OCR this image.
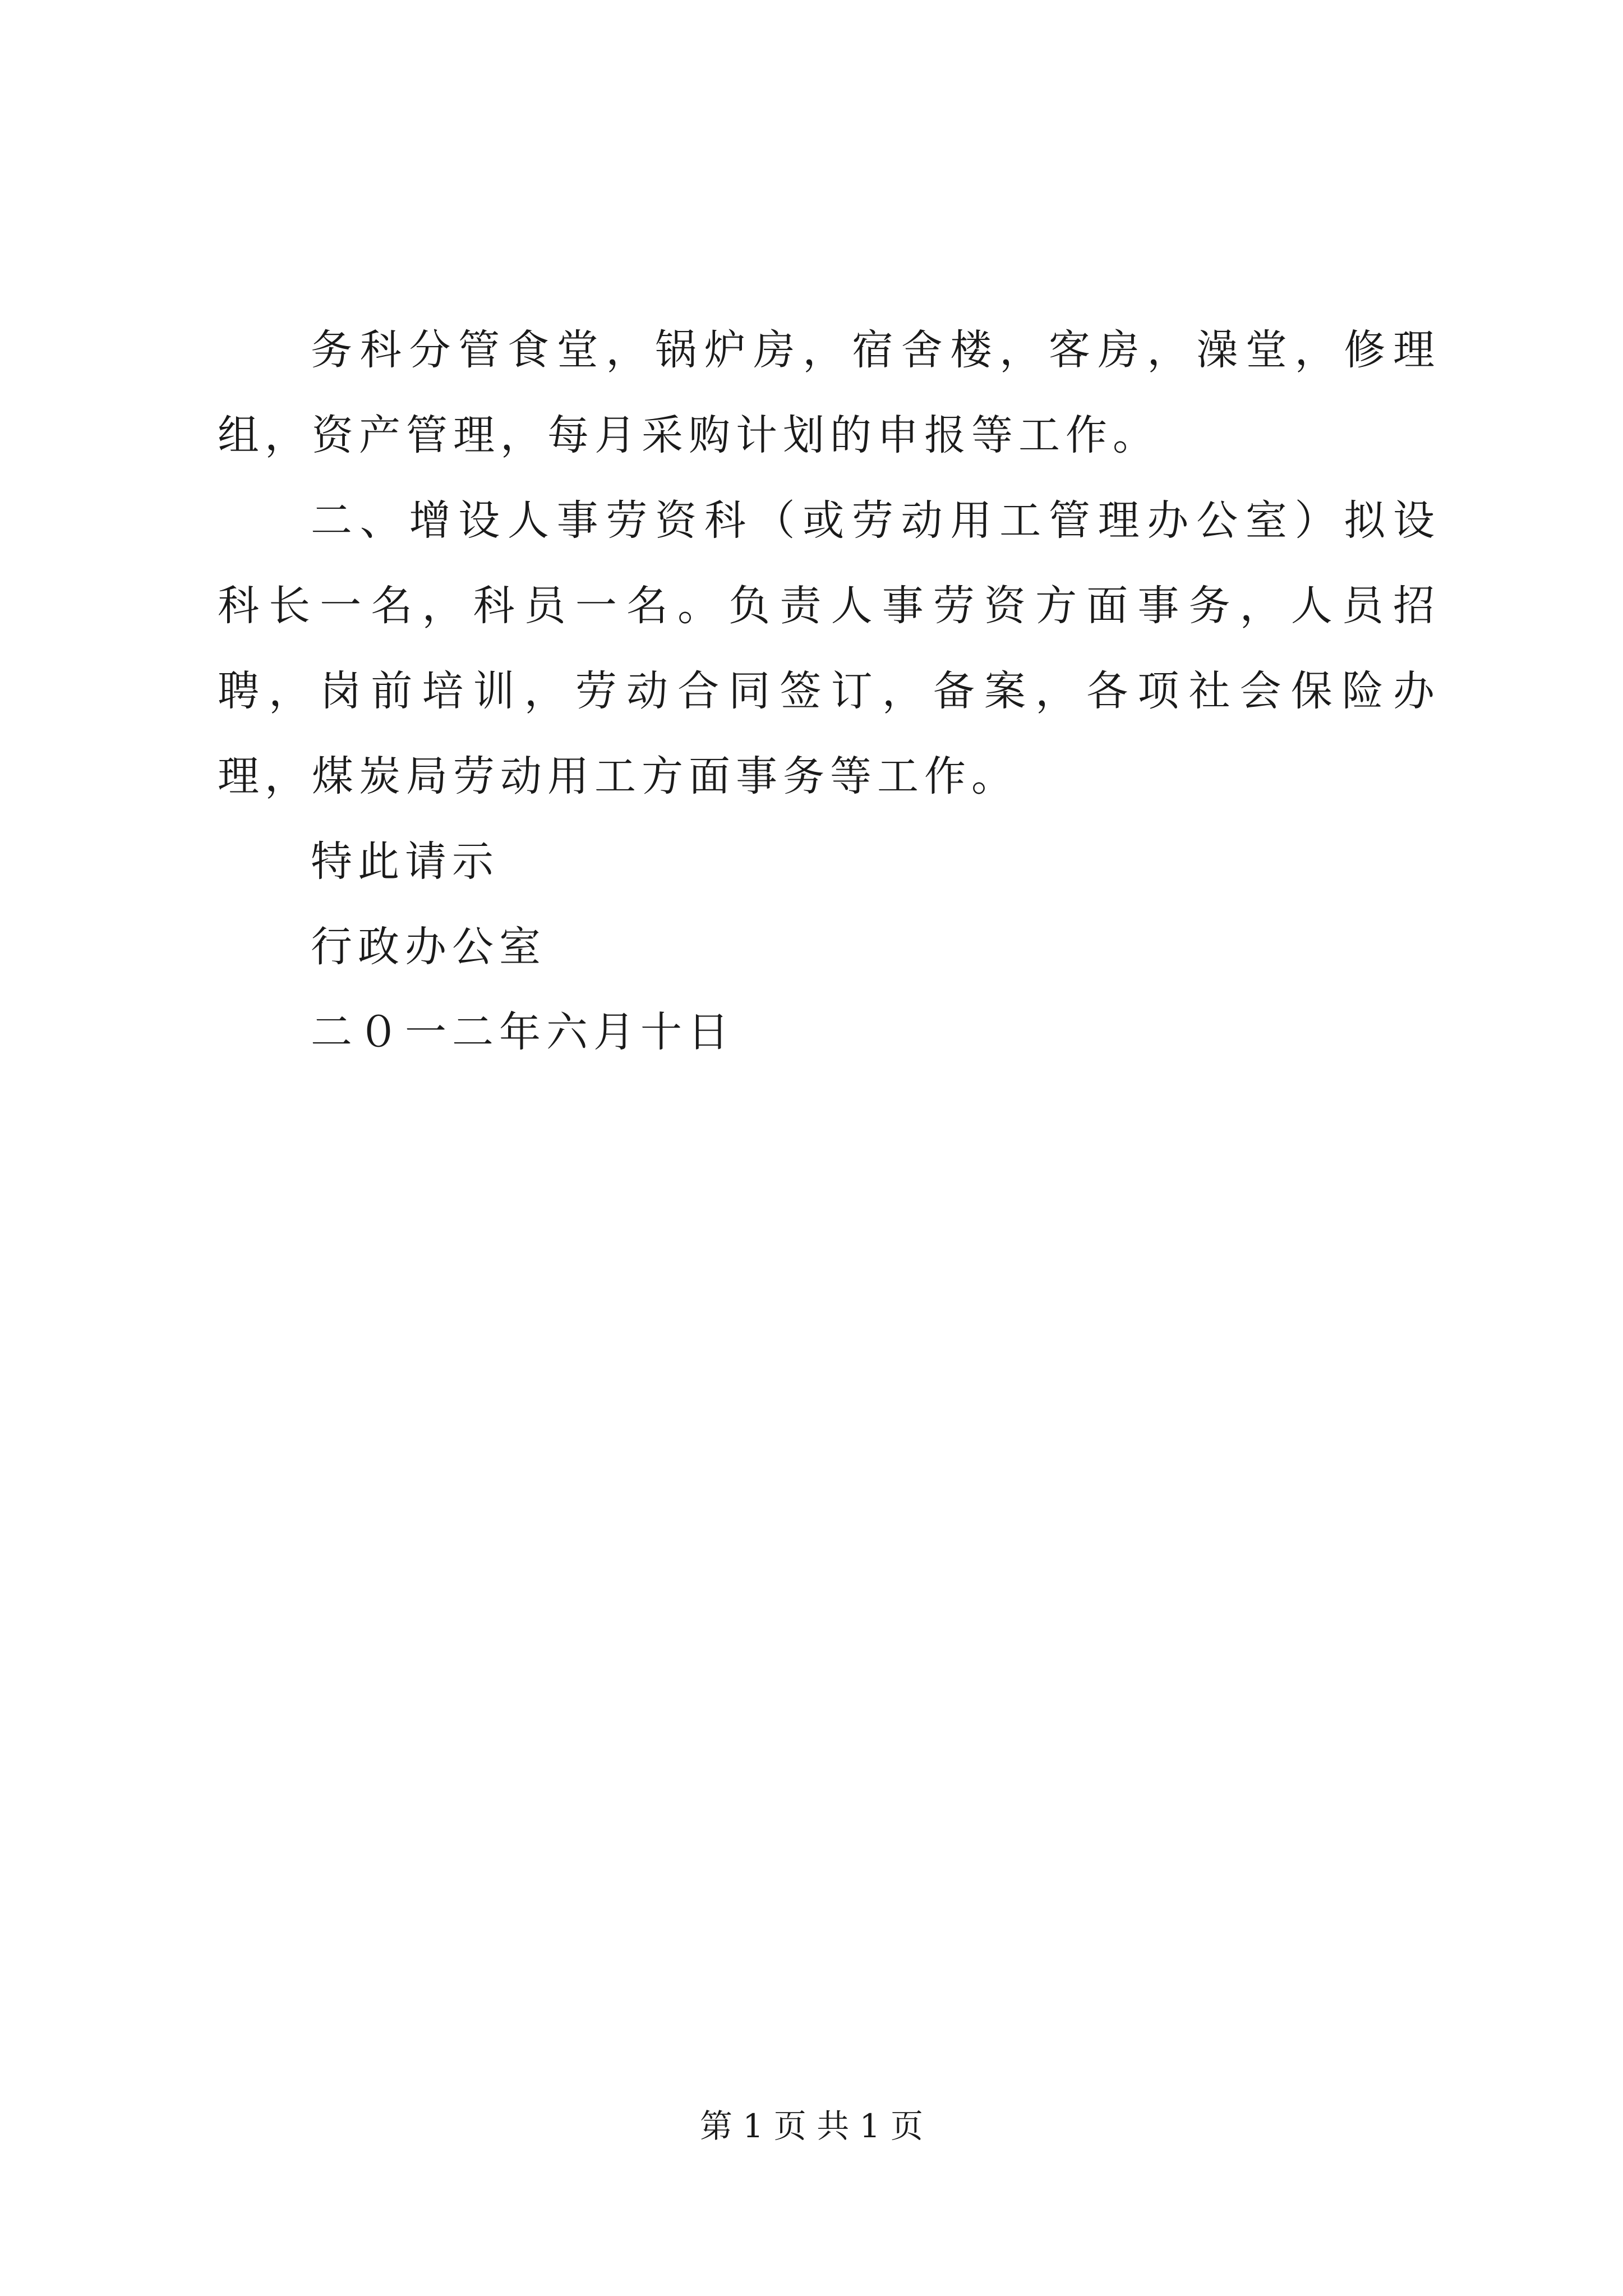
务科分管食堂，锅炉房，宿舍楼，客房，澡堂，修理组，资产管理，每月采购计划的申报等工作。

二、增设人事劳资科（或劳动用工管理办公室）拟设科长一名，科员一名。负责人事劳资方面事务，人员招聘，岗前培训，劳动合同签订，备案，各项社会保险办理，煤炭局劳动用工方面事务等工作。

特此请示

行政办公室

二０一二年六月十日

第 1 页 共 1 页
